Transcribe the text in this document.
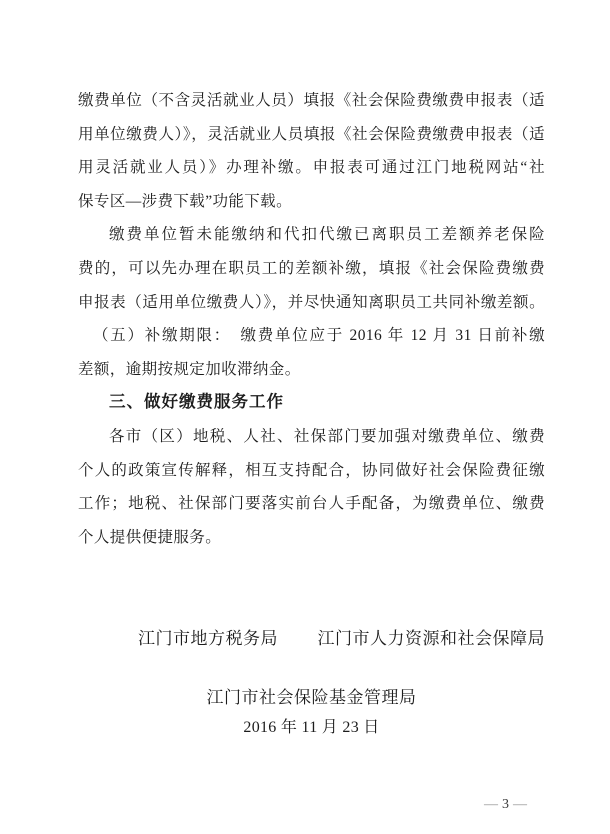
缴费单位（不含灵活就业人员）填报《社会保险费缴费申报表（适
用单位缴费人）》，灵活就业人员填报《社会保险费缴费申报表（适
用灵活就业人员）》办理补缴。申报表可通过江门地税网站“社
保专区—涉费下载”功能下载。
缴费单位暂未能缴纳和代扣代缴已离职员工差额养老保险
费的，可以先办理在职员工的差额补缴，填报《社会保险费缴费
申报表（适用单位缴费人）》，并尽快通知离职员工共同补缴差额。
（五）补缴期限：　缴费单位应于 2016 年 12 月 31 日前补缴
差额，逾期按规定加收滞纳金。
三、做好缴费服务工作
各市（区）地税、人社、社保部门要加强对缴费单位、缴费
个人的政策宣传解释，相互支持配合，协同做好社会保险费征缴
工作；地税、社保部门要落实前台人手配备，为缴费单位、缴费
个人提供便捷服务。
江门市地方税务局 江门市人力资源和社会保障局
江门市社会保险基金管理局
2016 年 11 月 23 日
— 3 —
